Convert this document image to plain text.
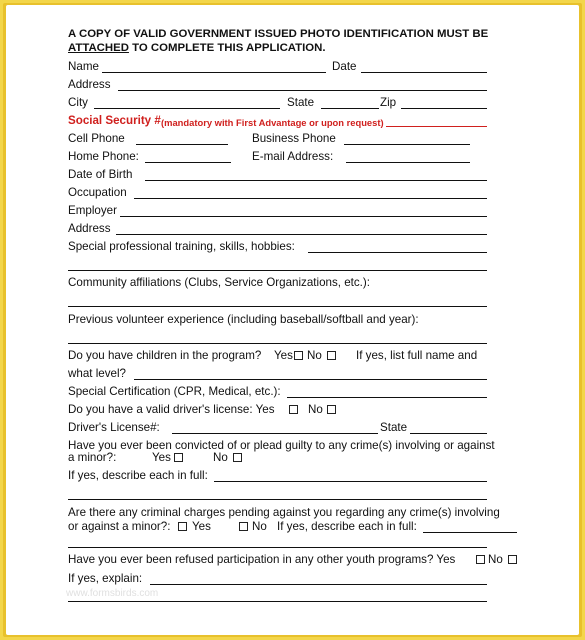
A COPY OF VALID GOVERNMENT ISSUED PHOTO IDENTIFICATION MUST BE
ATTACHED TO COMPLETE THIS APPLICATION.
Name	Date
Address
City	State	Zip
Social Security # (mandatory with First Advantage or upon request)
Cell Phone	Business Phone
Home Phone:	E-mail Address:
Date of Birth
Occupation
Employer
Address
Special professional training, skills, hobbies:
Community affiliations (Clubs, Service Organizations, etc.):
Previous volunteer experience (including baseball/softball and year):
Do you have children in the program? Yes No	If yes, list full name and
what level?
Special Certification (CPR, Medical, etc.):
Do you have a valid driver's license: Yes	No
Driver's License#:	State
Have you ever been convicted of or plead guilty to any crime(s) involving or against
a minor?:	Yes	No
If yes, describe each in full:
Are there any criminal charges pending against you regarding any crime(s) involving
or against a minor?: Yes	No If yes, describe each in full:
Have you ever been refused participation in any other youth programs? Yes	No
If yes, explain:
www.formsbirds.com
